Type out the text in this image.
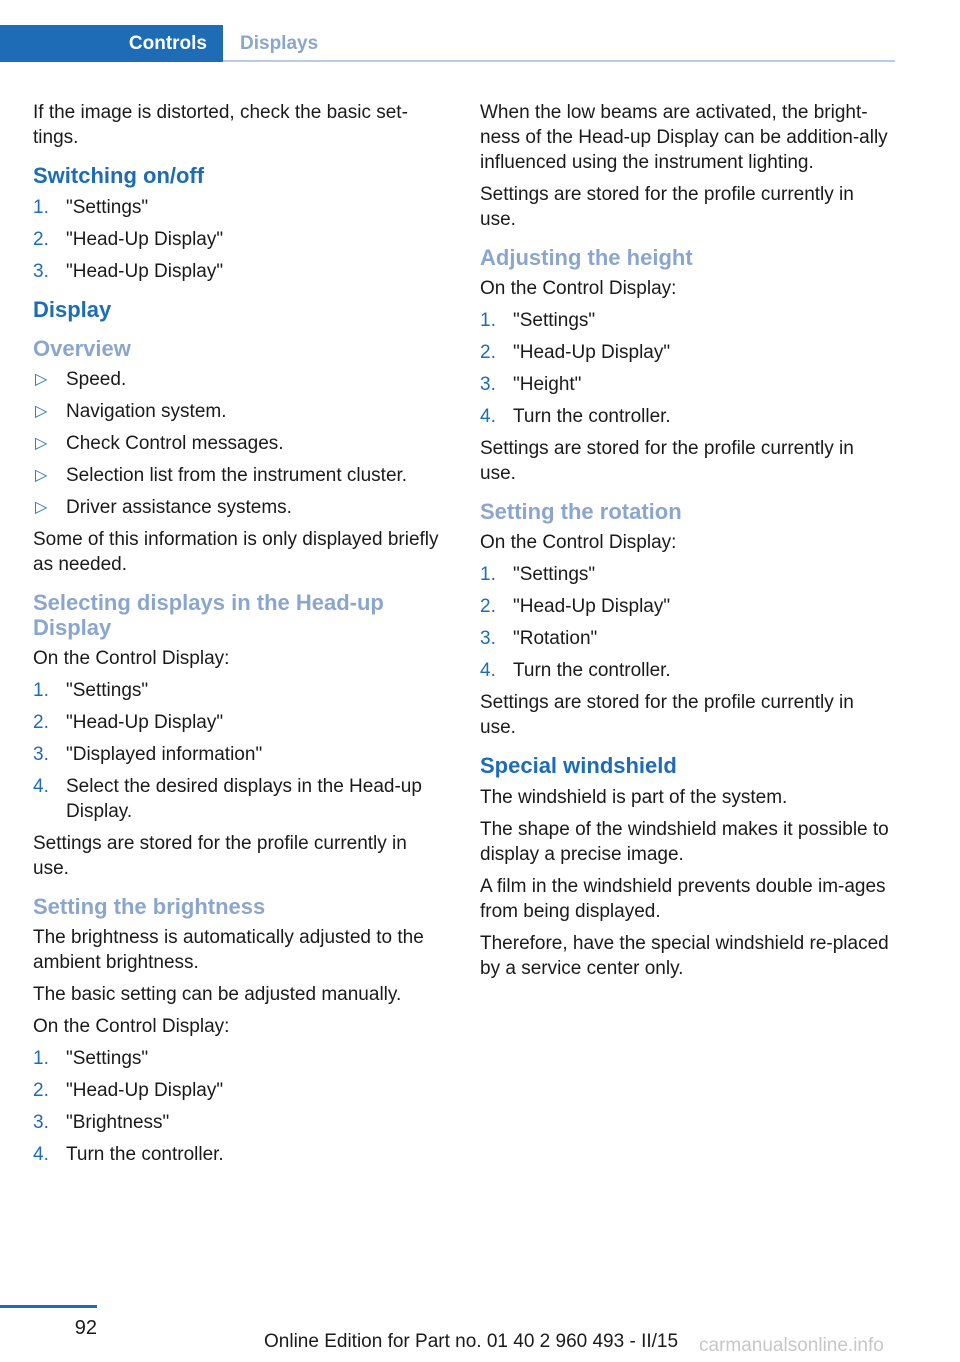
Controls	Displays

If the image is distorted, check the basic set‐tings.

Switching on/off
1. "Settings"
2. "Head-Up Display"
3. "Head-Up Display"
Display
Overview
▷ Speed.
▷ Navigation system.
▷ Check Control messages.
▷ Selection list from the instrument cluster.
▷ Driver assistance systems.

Some of this information is only displayed briefly as needed.

Selecting displays in the Head-up Display

On the Control Display:

1. "Settings"
2. "Head-Up Display"
3. "Displayed information"
4. Select the desired displays in the Head-up Display.

Settings are stored for the profile currently in use.

Setting the brightness

The brightness is automatically adjusted to the ambient brightness.

The basic setting can be adjusted manually.

On the Control Display:

1. "Settings"
2. "Head-Up Display"
3. "Brightness"
4. Turn the controller.

When the low beams are activated, the bright‐ness of the Head-up Display can be addition‐ally influenced using the instrument lighting.

Settings are stored for the profile currently in use.

Adjusting the height

On the Control Display:

1. "Settings"
2. "Head-Up Display"
3. "Height"
4. Turn the controller.

Settings are stored for the profile currently in use.

Setting the rotation

On the Control Display:

1. "Settings"
2. "Head-Up Display"
3. "Rotation"
4. Turn the controller.

Settings are stored for the profile currently in use.

Special windshield

The windshield is part of the system.

The shape of the windshield makes it possible to display a precise image.

A film in the windshield prevents double im‐ages from being displayed.

Therefore, have the special windshield re‐placed by a service center only.

92
Online Edition for Part no. 01 40 2 960 493 - II/15 carmanualsonline.info
